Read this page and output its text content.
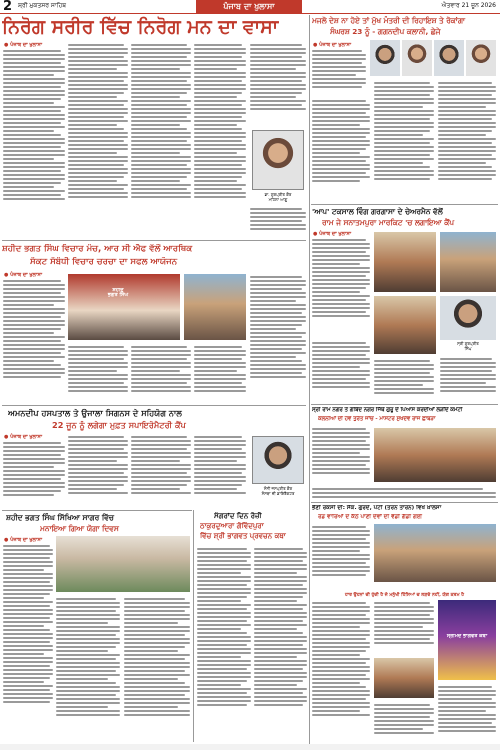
2 ਸ਼੍ਰੀ ਮੁਕਤਸਰ ਸਾਹਿਬ	ਪੰਜਾਬ ਦਾ ਖੁਲਾਸਾ	ਐਤਵਾਰ 21 ਜੂਨ 2026
ਨਿਰੋਗ ਸਰੀਰ ਵਿੱਚ ਨਿਰੋਗ ਮਨ ਦਾ ਵਾਸਾ	ਮਜਲੋ ਦੇਸ਼ ਨਾ ਹੋਏ ਤਾਂ ਮੁੱਖ ਮੰਤਰੀ ਦੀ ਰਿਹਾਇਸ਼ ਤੇ ਰੋਕਾਂਗਾ
ਸੰਘਰਸ਼ 23 ਨੂੰ - ਗਗਨਦੀਪ ਕਲਾਨੀ, ਛੇਜੇ
● ਪੰਜਾਬ ਦਾ ਖੁਲਾਸਾ
ਡਾ. ਗੁਰਪ੍ਰੀਤ ਕੌਰ
ਮਹਿਲਾ ਆਗੂ
ਸ਼ਹੀਦ ਭਗਤ ਸਿੰਘ ਵਿਚਾਰ ਮੰਚ, ਆਰ ਸੀ ਐਫ ਵੱਲੋਂ ਆਰਥਿਕ
ਸੰਕਟ ਸੰਬੰਧੀ ਵਿਚਾਰ ਚਰਚਾ ਦਾ ਸਫਲ ਆਯੋਜਨ
● ਪੰਜਾਬ ਦਾ ਖੁਲਾਸਾ
ਸ਼ਹੀਦ
ਭਗਤ ਸਿੰਘ
ਅਮਨਦੀਪ ਹਸਪਤਾਲ ਤੇ ਉਜਾਲਾ ਸਿਗਨਸ ਦੇ ਸਹਿਯੋਗ ਨਾਲ
22 ਜੂਨ ਨੂੰ ਲਗੇਗਾ ਮੁਫ਼ਤ ਸਪਾਇਰੋਮੈਟਰੀ ਕੈਂਪ
● ਪੰਜਾਬ ਦਾ ਖੁਲਾਸਾ
ਸੋਨੀ ਜਸਪ੍ਰੀਤ ਕੌਰ
ਸੰਸਥਾ ਦੀ ਡਾਇਰੈਕਟਰ
ਸ਼ਹੀਦ ਭਗਤ ਸਿੰਘ ਸਿੱਖਿਆ ਸਾਗਰ ਵਿੱਚ
ਮਨਾਇਆ ਗਿਆ ਯੋਗਾ ਦਿਵਸ
● ਪੰਜਾਬ ਦਾ ਖੁਲਾਸਾ
ਸੰਗਰਾਂਦ ਦਿਨ ਰੋਜ਼ੀ
ਠਾਕੁਰਦੁਆਰਾ ਗੋਵਿੰਦਪੁਰਾ
ਵਿੱਚ ਸ਼੍ਰੀ ਭਾਗਵਤ ਪ੍ਰਵਚਨ ਕਥਾ
● ਪੰਜਾਬ ਦਾ ਖੁਲਾਸਾ
'ਆਪ' ਟਕਸਾਲ ਵਿੰਗ ਗਰਗਾਸਾ ਦੇ ਚੇਅਰਮੈਨ ਵੱਲੋਂ
ਰਾਮ ਜੇ ਸਨਾਤਮਪੁਰਾ ਮਾਰਕਿਟ 'ਚ ਲਗਾਇਆ ਕੈਂਪ
● ਪੰਜਾਬ ਦਾ ਖੁਲਾਸਾ
ਸ੍ਰੀ ਗੁਰਪ੍ਰੀਤ
ਸਿੰਘ
ਸ੍ਰੀ ਰਾਮ ਨਗਰ ਤੇ ਗੋਬਿੰਦ ਨਗਰ ਜਿੱਥੇ ਗੁਰੂ ਦੇ ਪਿਆਸ ਕਰਦੀਆਂ ਲੋੜੀਂਦੇ ਕਮੇਟੀ
ਕੋਲੋਨੀਆਂ ਦੀ ਹੋਵੇ ਤੁਰੰਤ ਜਾਂਚ - ਮਾਸਟਰ ਸੁਖਦੇਵ ਰਾਜ ਛਾਬੜਾ
ਭੈਣੀ ਰਕਸੀ ਦੀ: ਸੈਕ. ਗੁਰਦੇ, ਪੰਟੀ (ਤਰਨ ਤਾਰਨ) ਵਿਖੇ ਖ਼ਾਲਸਾ
ਰੋਡ ਵਾਰਿਆਂ ਦੇ ਕੱਠੇ ਪਾਣੀ ਦੇਵਾਂ ਦੀ ਵੰਡੀ ਗੱਡੀ ਗਈ
ਹਾਰ ਉਹਨਾਂ ਦੀ ਹੁੰਦੀ ਹੈ ਜੋ ਮਨੁੱਖੀ ਹਿੱਸਿਆਂ ਚ ਲੜਦੇ ਨਹੀਂ, ਯੋਗ ਕਰਮ ਹੈ
ਸ੍ਰੀਮਦ ਭਾਗਵਤ ਕਥਾ
